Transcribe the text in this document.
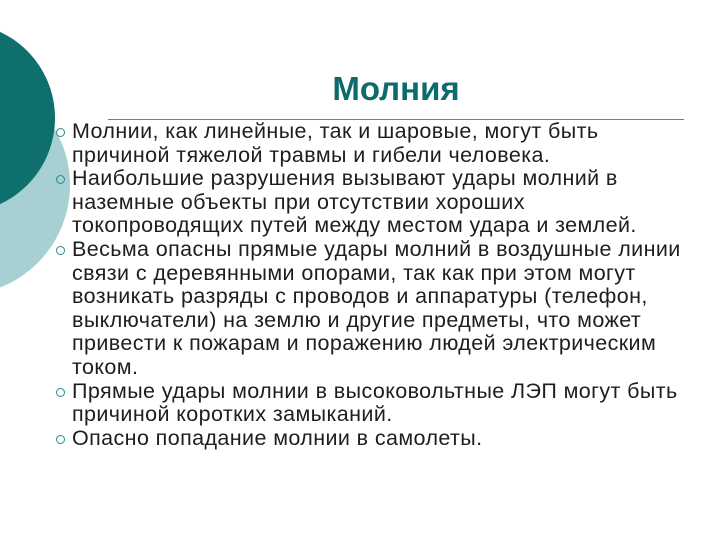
Молния
Молнии, как линейные, так и шаровые, могут быть причиной тяжелой травмы и гибели человека.
Наибольшие разрушения вызывают удары молний в наземные объекты при отсутствии хороших токопроводящих путей между местом удара и землей.
Весьма опасны прямые удары молний в воздушные линии связи с деревянными опорами, так как при этом могут возникать разряды с проводов и аппаратуры (телефон, выключатели) на землю и другие предметы, что может привести к пожарам и поражению людей электрическим током.
Прямые удары молнии в высоковольтные ЛЭП могут быть причиной коротких замыканий.
Опасно попадание молнии в самолеты.
